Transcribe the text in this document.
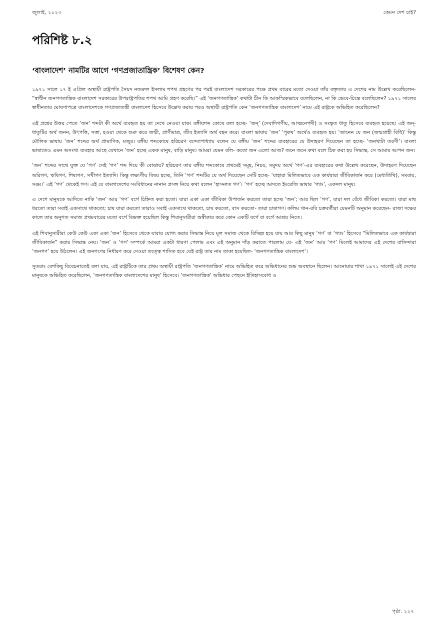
জুলাই, ২০২৩	কেমন দেশ চাই?
পরিশিষ্ট ৮.২
‘বাংলাদেশ’ নামটির আগে ‘গণপ্রজাতান্ত্রিক’ বিশেষণ কেন?

১৯৭১ সালে ১৭ ই এপ্রিল অস্থায়ী রাষ্ট্রপতি সৈয়দ নজরুল ইসলাম শপথ গ্রহণের পর পরই বাংলাদেশ সরকারের পক্ষে প্রথম বারের মতো দেওয়া তাঁর বক্তৃতায় এ দেশের নাম উল্লেখ করেছিলেন- “স্বাধীন জনগণতান্ত্রিক বাংলাদেশ সরকারের উপরাষ্ট্রপতির শপথ আমি গ্রহণ করেছি।” এই ‘জনগণতান্ত্রিক’ কথাটা চীন কি আকস্মিকভাবে বলেছিলেন, না কি ভেবে-চিন্তে বলেছিলেন? ১৯৭১ সালের স্বাধীনতার ঘোষণাপত্রে বাংলাদেশকে গণপ্রজাতন্ত্রী বাংলাদেশ হিসেবে উল্লেখ করার পরও অস্থায়ী রাষ্ট্রপতি কেন ‘জনগণতান্ত্রিক বাংলাদেশ’ নামে এই রাষ্ট্রকে অভিহিত করেছিলেন?

এই প্রশ্নের উত্তর পেতে ‘জন’ শব্দটা কী অর্থে ব্যবহৃত হয় তা দেখে নেওয়া যাক। বঙ্গীয়শব্দ কোষে বলা হচ্ছে- ‘জন্’ (দেবাদিগণীয়, আত্মনেপদী) ও সংস্কৃত ধাতু হিসেবে ব্যবহৃত হয়েছে। এই জন্‌- ধাতুটির অর্থ জনন, উৎপত্তি, সত্তা, হওয়া থেকে শুরু করে জন্মী, প্রাণীমাত্র, জীব ইত্যাদি অর্থ বহন করে। বাংলা ভাষায় ‘জন’ ‘পুরুষ’ অর্থেও ব্যবহৃত হয়। ‘জানেন যে জন (জন্মগ্রাহী বিধি)’ কিন্তু মৌলিক ভাষায় ‘জন’ শব্দের অর্থ প্রামাণিক, মজুর। বঙ্গীয় শব্দকোষে হরিচরণ বন্দ্যোপাধ্যায় বলেন যে বঙ্গীয় ‘জন’ শব্দের ব্যবহারের যে উদাহরণ দিয়েছেন তা হচ্ছে- ‘জনখাটা তরণী’। বাংলা ভাষাতেও এমন অসংখ্য ব্যবহার আছে যেখানে ‘জন’ হচ্ছে একক মানুষ, বাড়ি মানুষ। আমরা যেমন বলি- কতো জন এলো আজ? জনে জনে কথা বলে ঠিক করা হয় সিদ্ধান্ত, সে আমার আপন জন।

‘জন’ শব্দের সাথে যুক্ত যে ‘গণ’ সেই ‘গণ’ শব্দ দিয়ে কী বোঝায়? হরিচরণ তার বঙ্গীয় শব্দকোষে প্রথমেই সমূহ, নিচয়, সমুদয় অর্থে ‘গণ’-এর ব্যবহারের কথা উল্লেখ করেছেন, উদাহরণ দিয়েছেন অরিগণ, ঋষিগণ, শিষ্যগণ, সখীগণ ইত্যাদি। কিন্তু লক্ষ্যণীয় বিষয় হচ্ছে, তিনি ‘গণ’ শব্দটির যে অর্থ দিয়েছেন সেটি হচ্ছে- ‘যাহারা মিলিতভাবে এক কার্যদ্বারা জীবিকার্জন করে (মেধার্তিথি), সমবায়, সঙ্ঘ।’ এই ‘গণ’ থেকেই গণ। এই যে বাংলাদেশের সংবিধানের নানান প্রসঙ্গ নিয়ে কথা বলেন ‘হাসনাত গণ’। ‘গণ’ হচ্ছে আদতে ইংরেজি ভাষার ‘গ্যাং’, একদল মানুষ।

এ দেশে মানুষকে আদিতে নাকি ‘জন’ আর ‘গণ’ বর্গে চিহ্নিত করা হতো। যারা একা একা জীবিকা উপার্জন করতো তারা হচ্ছে ‘জন’; আর ছিল ‘গণ’, যারা দল বেঁধে জীবিকা করতো। যারা মাছ ধরতো তারা সবাই একসাথে থাকতো; চাষ যারা করতো তারাও সবাই একসাথে থাকতো, চাষ করতো, বাস করতো- তারা চাষাগণ। কলিম খান-রবি চক্রবর্তীরা যেমনটি অনুমান করেছেন- রাজা দক্ষের কালে তার অনুগত সমাজ প্রথমবারের মতো বর্গে বিভক্ত হয়েছিল কিন্তু শিবানুসারীরা অস্বীকার করে কোন একটি বর্গে বা বর্গে আশ্রয় নিতে।

এই শিবানুসারীরা কেউ কেউ একা একা ‘জন’ হিসেবে থেকে যাবার যোগ্য করার সিদ্ধান্ত নিয়ে মূল সমাজ থেকে বিচ্ছিন্ন হয়ে যায় আর কিছু মানুষ ‘গণ’ বা ‘গ্যাং’ হিসেবে “মিলিতভাবে এক কার্যদ্বারা জীবিকার্জন” করার সিদ্ধান্ত নেয়। ‘জন’ ও ‘গণ’ সম্পর্কে আমরা একটা ধারণা পেলাম এবং এই অনুমান দাঁড় করাতে পারলাম যে- এই ‘জন’ আর ‘গণ’ মিলেই আমাদের এই দেশের বাসিন্দারা ‘জনগণ’ হয়ে উঠলেন। এই জনগণের নির্ধারণ করে দেওয়া তত্ত্বে শাসিত হবে যেই রাষ্ট্র তার নাম তাকা হয়েছিল- ‘জনগণতান্ত্রিক বাংলাদেশ’।

সুতরাং বেশকিছু বিবেচনাতেই বলা যায়, এই রাষ্ট্রটিকে তার প্রথম অস্থায়ী রাষ্ট্রপতি ‘জনগণতান্ত্রিক’ নামে অভিহিত করে অভিধানের শুদ্ধ অবস্থানে ছিলেন। আনোয়ার শাখা ১৯৭১ সালেই এই দেশের মানুষকে অভিহিত করেছিলেন, ‘জনগণতান্ত্রিক বাংলাদেশের মানুষ’ হিসেবে। ‘জনগণতান্ত্রিক’ অভিধার পেছনে ইতিহাসবোধ ও

পৃষ্ঠা. ২২৭
